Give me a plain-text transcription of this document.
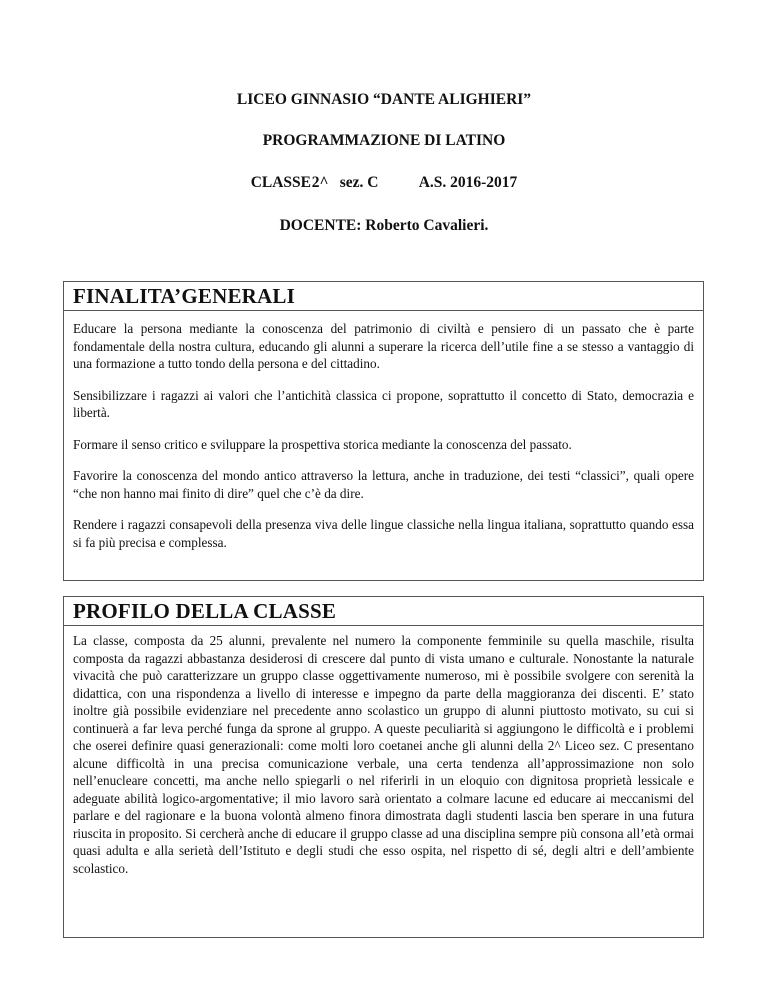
LICEO GINNASIO “DANTE ALIGHIERI”
PROGRAMMAZIONE DI LATINO
CLASSE2^ sez. C	A.S. 2016-2017
DOCENTE: Roberto Cavalieri.
FINALITA’GENERALI

Educare la persona mediante la conoscenza del patrimonio di civiltà e pensiero di un passato che è parte fondamentale della nostra cultura, educando gli alunni a superare la ricerca dell’utile fine a se stesso a vantaggio di una formazione a tutto tondo della persona e del cittadino.

Sensibilizzare i ragazzi ai valori che l’antichità classica ci propone, soprattutto il concetto di Stato, democrazia e libertà.

Formare il senso critico e sviluppare la prospettiva storica mediante la conoscenza del passato.

Favorire la conoscenza del mondo antico attraverso la lettura, anche in traduzione, dei testi “classici”, quali opere “che non hanno mai finito di dire” quel che c’è da dire.

Rendere i ragazzi consapevoli della presenza viva delle lingue classiche nella lingua italiana, soprattutto quando essa si fa più precisa e complessa.

PROFILO DELLA CLASSE

La classe, composta da 25 alunni, prevalente nel numero la componente femminile su quella maschile, risulta composta da ragazzi abbastanza desiderosi di crescere dal punto di vista umano e culturale. Nonostante la naturale vivacità che può caratterizzare un gruppo classe oggettivamente numeroso, mi è possibile svolgere con serenità la didattica, con una rispondenza a livello di interesse e impegno da parte della maggioranza dei discenti. E’ stato inoltre già possibile evidenziare nel precedente anno scolastico un gruppo di alunni piuttosto motivato, su cui si continuerà a far leva perché funga da sprone al gruppo. A queste peculiarità si aggiungono le difficoltà e i problemi che oserei definire quasi generazionali: come molti loro coetanei anche gli alunni della 2^ Liceo sez. C presentano alcune difficoltà in una precisa comunicazione verbale, una certa tendenza all’approssimazione non solo nell’enucleare concetti, ma anche nello spiegarli o nel riferirli in un eloquio con dignitosa proprietà lessicale e adeguate abilità logico-argomentative; il mio lavoro sarà orientato a colmare lacune ed educare ai meccanismi del parlare e del ragionare e la buona volontà almeno finora dimostrata dagli studenti lascia ben sperare in una futura riuscita in proposito. Si cercherà anche di educare il gruppo classe ad una disciplina sempre più consona all’età ormai quasi adulta e alla serietà dell’Istituto e degli studi che esso ospita, nel rispetto di sé, degli altri e dell’ambiente scolastico.
